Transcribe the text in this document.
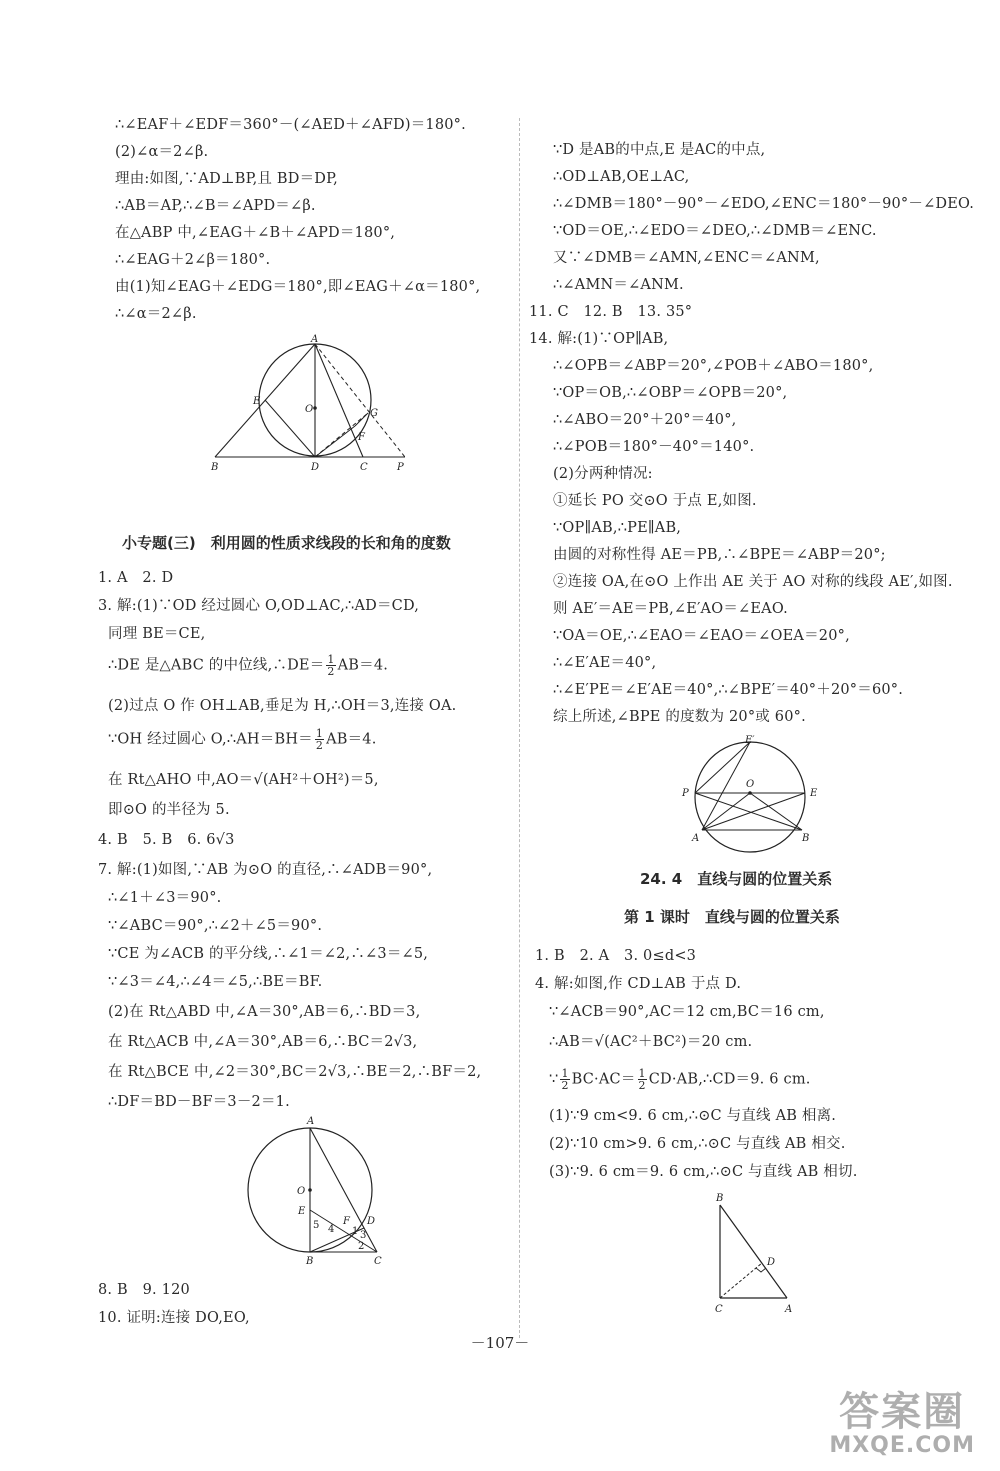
∴∠EAF＋∠EDF＝360°－(∠AED＋∠AFD)＝180°.
(2)∠α＝2∠β.
理由:如图,∵AD⊥BP,且 BD＝DP,
∴AB＝AP,∴∠B＝∠APD＝∠β.
在△ABP 中,∠EAG＋∠B＋∠APD＝180°,
∴∠EAG＋2∠β＝180°.
由(1)知∠EAG＋∠EDG＝180°,即∠EAG＋∠α＝180°,
∴∠α＝2∠β.
A
E
O	G
F
B	D	C	P
小专题(三)　利用圆的性质求线段的长和角的度数
1. A　2. D
3. 解:(1)∵OD 经过圆心 O,OD⊥AC,∴AD＝CD,
同理 BE＝CE,
∴DE 是△ABC 的中位线,∴DE＝ $\frac{1}{2} AB=4$.
(2)过点 O 作 OH⊥AB,垂足为 H,∴OH＝3,连接 OA.
∵OH 经过圆心 O,∴AH＝BH＝ $\frac{1}{2} AB=4$.
在 Rt△AHO 中,AO＝√(AH²＋OH²)＝5,
即⊙O 的半径为 5.
4. B　5. B　6. 6√3
7. 解:(1)如图,∵AB 为⊙O 的直径,∴∠ADB＝90°,
∴∠1＋∠3＝90°.
∵∠ABC＝90°,∴∠2＋∠5＝90°.
∵CE 为∠ACB 的平分线,∴∠1＝∠2,∴∠3＝∠5,
∵∠3＝∠4,∴∠4＝∠5,∴BE＝BF.
(2)在 Rt△ABD 中,∠A＝30°,AB＝6,∴BD＝3,
在 Rt△ACB 中,∠A＝30°,AB＝6,∴BC＝2√3,
在 Rt△BCE 中,∠2＝30°,BC＝2√3,∴BE＝2,∴BF＝2,
∴DF＝BD－BF＝3－2＝1.
A
O
E
F D
5 4 1 3
2
B	C
8. B　9. 120
10. 证明:连接 DO,EO,
∵D 是AB的中点,E 是AC的中点,
∴OD⊥AB,OE⊥AC,
∴∠DMB＝180°－90°－∠EDO,∠ENC＝180°－90°－∠DEO.
∵OD＝OE,∴∠EDO＝∠DEO,∴∠DMB＝∠ENC.
又∵∠DMB＝∠AMN,∠ENC＝∠ANM,
∴∠AMN＝∠ANM.
11. C　12. B　13. 35°
14. 解:(1)∵OP∥AB,
∴∠OPB＝∠ABP＝20°,∠POB＋∠ABO＝180°,
∵OP＝OB,∴∠OBP＝∠OPB＝20°,
∴∠ABO＝20°＋20°＝40°,
∴∠POB＝180°－40°＝140°.
(2)分两种情况:
①延长 PO 交⊙O 于点 E,如图.
∵OP∥AB,∴PE∥AB,
由圆的对称性得 AE＝PB,∴∠BPE＝∠ABP＝20°;
②连接 OA,在⊙O 上作出 AE 关于 AO 对称的线段 AE′,如图.
则 AE′＝AE＝PB,∠E′AO＝∠EAO.
∵OA＝OE,∴∠EAO＝∠EAO＝∠OEA＝20°,
∴∠E′AE＝40°,
∴∠E′PE＝∠E′AE＝40°,∴∠BPE′＝40°＋20°＝60°.
综上所述,∠BPE 的度数为 20°或 60°.
E′
O
P	E
A	B
24. 4　直线与圆的位置关系
第 1 课时　直线与圆的位置关系
1. B　2. A　3. 0≤d<3
4. 解:如图,作 CD⊥AB 于点 D.
∵∠ACB＝90°,AC＝12 cm,BC＝16 cm,
∴AB＝√(AC²＋BC²)＝20 cm.
∵ $\frac{1}{2} BC\cdot AC= \frac{1}{2}$ CD·AB,∴CD＝9. 6 cm.
(1)∵9 cm<9. 6 cm,∴⊙C 与直线 AB 相离.
(2)∵10 cm>9. 6 cm,∴⊙C 与直线 AB 相交.
(3)∵9. 6 cm＝9. 6 cm,∴⊙C 与直线 AB 相切.
B
D
C	A
－107－
答案圈
MXQE.COM
